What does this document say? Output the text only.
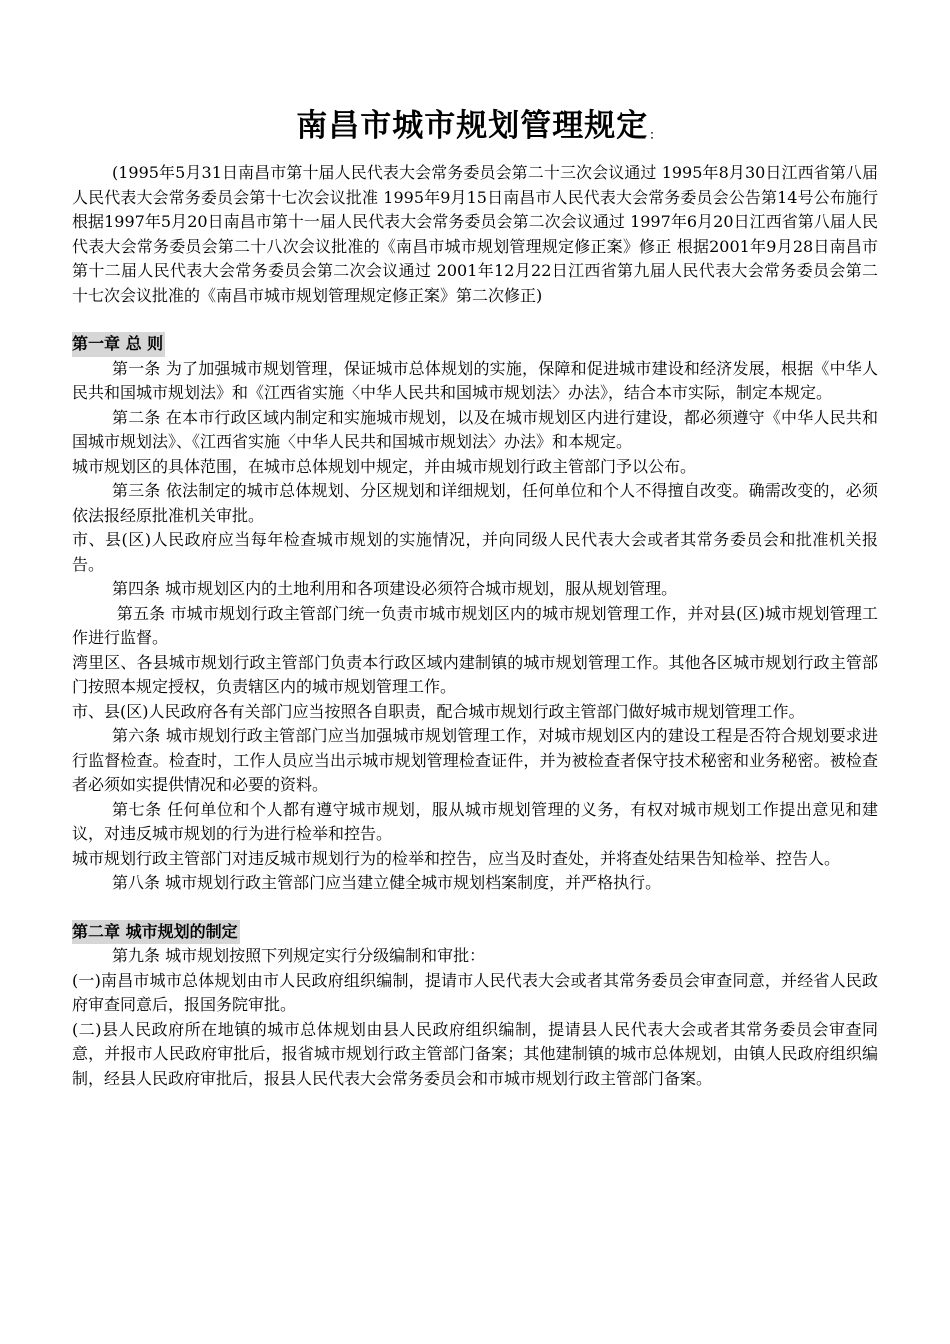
南昌市城市规划管理规定 ∶

(1995年5月31日南昌市第十届人民代表大会常务委员会第二十三次会议通过 1995年8月30日江西省第八届人民代表大会常务委员会第十七次会议批准 1995年9月15日南昌市人民代表大会常务委员会公告第14号公布施行 根据1997年5月20日南昌市第十一届人民代表大会常务委员会第二次会议通过 1997年6月20日江西省第八届人民代表大会常务委员会第二十八次会议批准的《南昌市城市规划管理规定修正案》修正 根据2001年9月28日南昌市第十二届人民代表大会常务委员会第二次会议通过 2001年12月22日江西省第九届人民代表大会常务委员会第二十七次会议批准的《南昌市城市规划管理规定修正案》第二次修正)

第一章 总 则

第一条 为了加强城市规划管理，保证城市总体规划的实施，保障和促进城市建设和经济发展，根据《中华人民共和国城市规划法》和《江西省实施〈中华人民共和国城市规划法〉办法》，结合本市实际，制定本规定。

第二条 在本市行政区域内制定和实施城市规划，以及在城市规划区内进行建设，都必须遵守《中华人民共和国城市规划法》、《江西省实施〈中华人民共和国城市规划法〉办法》和本规定。

城市规划区的具体范围，在城市总体规划中规定，并由城市规划行政主管部门予以公布。

第三条 依法制定的城市总体规划、分区规划和详细规划，任何单位和个人不得擅自改变。确需改变的，必须依法报经原批准机关审批。

市、县(区)人民政府应当每年检查城市规划的实施情况，并向同级人民代表大会或者其常务委员会和批准机关报告。

第四条 城市规划区内的土地利用和各项建设必须符合城市规划，服从规划管理。

第五条 市城市规划行政主管部门统一负责市城市规划区内的城市规划管理工作，并对县(区)城市规划管理工作进行监督。

湾里区、各县城市规划行政主管部门负责本行政区域内建制镇的城市规划管理工作。其他各区城市规划行政主管部门按照本规定授权，负责辖区内的城市规划管理工作。

市、县(区)人民政府各有关部门应当按照各自职责，配合城市规划行政主管部门做好城市规划管理工作。

第六条 城市规划行政主管部门应当加强城市规划管理工作，对城市规划区内的建设工程是否符合规划要求进行监督检查。检查时，工作人员应当出示城市规划管理检查证件，并为被检查者保守技术秘密和业务秘密。被检查者必须如实提供情况和必要的资料。

第七条 任何单位和个人都有遵守城市规划，服从城市规划管理的义务，有权对城市规划工作提出意见和建议，对违反城市规划的行为进行检举和控告。

城市规划行政主管部门对违反城市规划行为的检举和控告，应当及时查处，并将查处结果告知检举、控告人。

第八条 城市规划行政主管部门应当建立健全城市规划档案制度，并严格执行。

第二章 城市规划的制定

第九条 城市规划按照下列规定实行分级编制和审批：

(一)南昌市城市总体规划由市人民政府组织编制，提请市人民代表大会或者其常务委员会审查同意，并经省人民政府审查同意后，报国务院审批。

(二)县人民政府所在地镇的城市总体规划由县人民政府组织编制，提请县人民代表大会或者其常务委员会审查同意，并报市人民政府审批后，报省城市规划行政主管部门备案；其他建制镇的城市总体规划，由镇人民政府组织编制，经县人民政府审批后，报县人民代表大会常务委员会和市城市规划行政主管部门备案。
